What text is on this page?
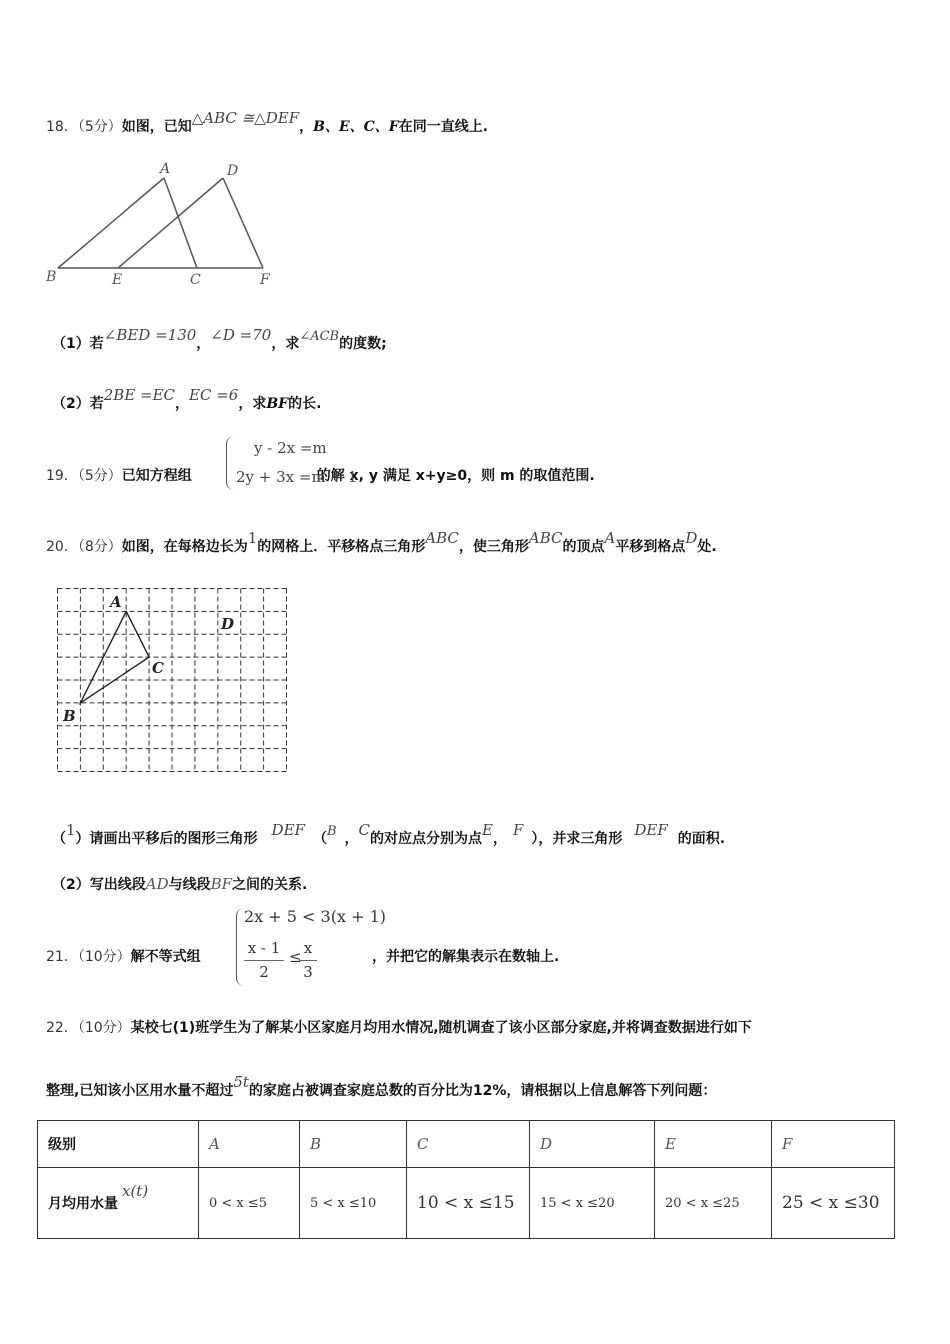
18．（5分）如图，已知△ABC ≅△DEF，B、E、C、F在同一直线上.
A	D
B	E	C	F
（1）若∠BED =130，∠D =70，求∠ACB的度数;
（2）若2BE =EC，EC =6，求BF的长.
19．（5分）已知方程组	的解 x, y 满足 x+y≥0，则 m 的取值范围.
y - 2x =m
2y + 3x =m + 1
20．（8分）如图，在每格边长为1的网格上．平移格点三角形ABC，使三角形ABC的顶点A平移到格点D处.
A
D
C
B
（1）请画出平移后的图形三角形 DEF （B ，C的对应点分别为点E， F ），并求三角形 DEF 的面积.
（2）写出线段AD与线段BF之间的关系.
21．（10分）解不等式组
2x + 5 < 3(x + 1)
x - 1
2
≤ x
3
，并把它的解集表示在数轴上.
22．（10分）某校七(1)班学生为了解某小区家庭月均用水情况,随机调查了该小区部分家庭,并将调查数据进行如下
整理,已知该小区用水量不超过5t的家庭占被调查家庭总数的百分比为12%，请根据以上信息解答下列问题：
级别	A	B	C	D	E	F
月均用水量x(t)	0 < x ≤5	5 < x ≤10	10 < x ≤15	15 < x ≤20	20 < x ≤25	25 < x ≤30
